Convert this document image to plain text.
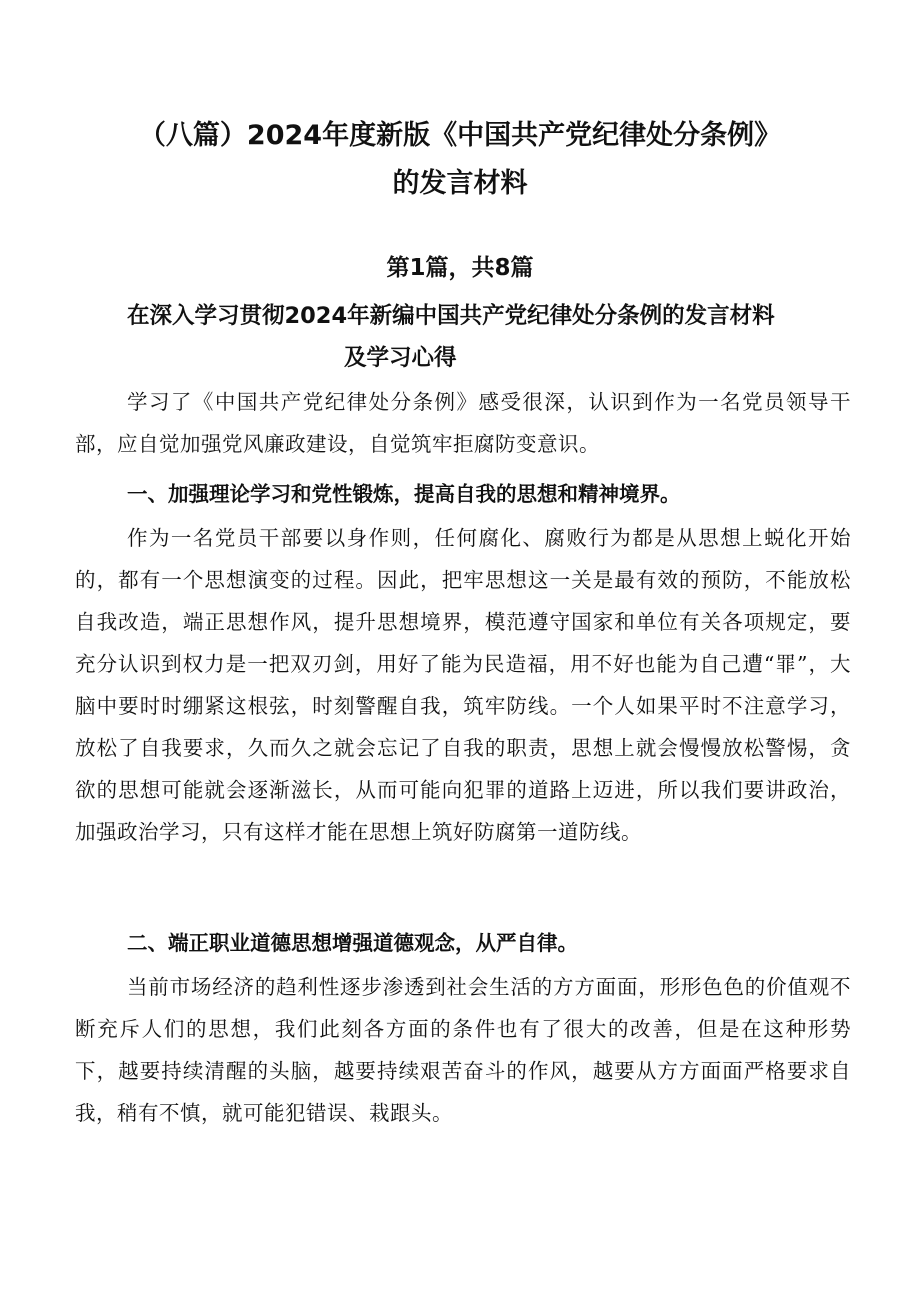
（八篇）2024年度新版《中国共产党纪律处分条例》
的发言材料
第1篇，共8篇
在深入学习贯彻2024年新编中国共产党纪律处分条例的发言材料
及学习心得

学习了《中国共产党纪律处分条例》感受很深，认识到作为一名党员领导干部，应自觉加强党风廉政建设，自觉筑牢拒腐防变意识。

一、加强理论学习和党性锻炼，提高自我的思想和精神境界。

作为一名党员干部要以身作则，任何腐化、腐败行为都是从思想上蜕化开始的，都有一个思想演变的过程。因此，把牢思想这一关是最有效的预防，不能放松自我改造，端正思想作风，提升思想境界，模范遵守国家和单位有关各项规定，要充分认识到权力是一把双刃剑，用好了能为民造福，用不好也能为自己遭“罪”，大脑中要时时绷紧这根弦，时刻警醒自我，筑牢防线。一个人如果平时不注意学习，放松了自我要求，久而久之就会忘记了自我的职责，思想上就会慢慢放松警惕，贪欲的思想可能就会逐渐滋长，从而可能向犯罪的道路上迈进，所以我们要讲政治，加强政治学习，只有这样才能在思想上筑好防腐第一道防线。

二、端正职业道德思想增强道德观念，从严自律。

当前市场经济的趋利性逐步渗透到社会生活的方方面面，形形色色的价值观不断充斥人们的思想，我们此刻各方面的条件也有了很大的改善，但是在这种形势下，越要持续清醒的头脑，越要持续艰苦奋斗的作风，越要从方方面面严格要求自我，稍有不慎，就可能犯错误、栽跟头。
